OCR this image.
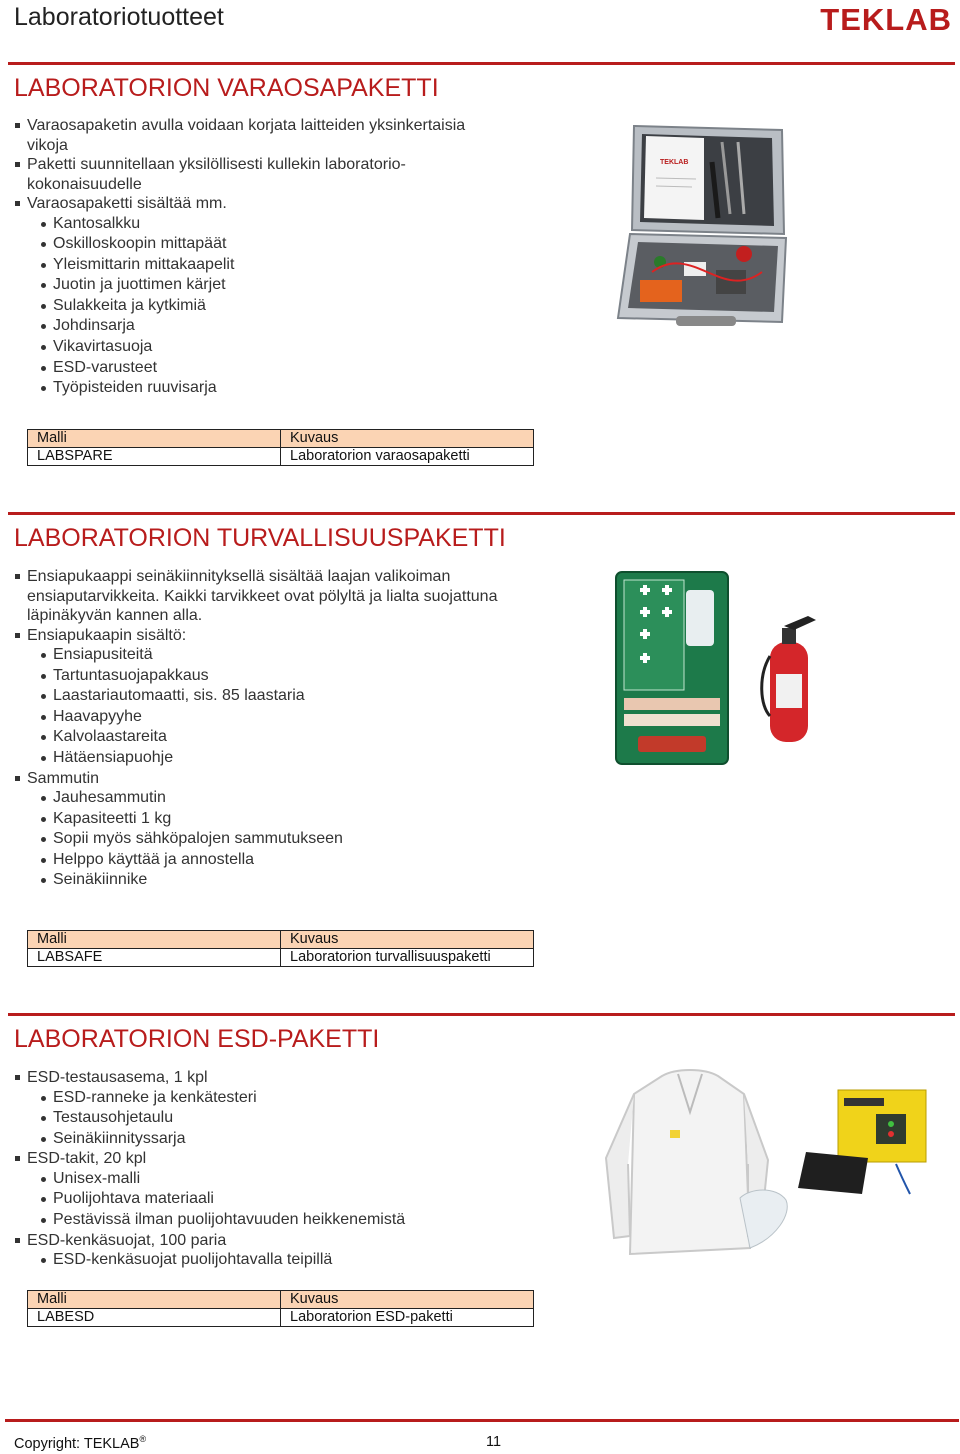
Laboratoriotuotteet	TEKLAB
LABORATORION VARAOSAPAKETTI
Varaosapaketin avulla voidaan korjata laitteiden yksinkertaisia vikoja
Paketti suunnitellaan yksilöllisesti kullekin laboratorio-kokonaisuudelle
Varaosapaketti sisältää mm.
Kantosalkku
Oskilloskoopin mittapäät
Yleismittarin mittakaapelit
Juotin ja juottimen kärjet
Sulakkeita ja kytkimiä
Johdinsarja
Vikavirtasuoja
ESD-varusteet
Työpisteiden ruuvisarja
TEKLAB
Malli	Kuvaus
LABSPARE	Laboratorion varaosapaketti
LABORATORION TURVALLISUUSPAKETTI
Ensiapukaappi seinäkiinnityksellä sisältää laajan valikoiman ensiaputarvikkeita. Kaikki tarvikkeet ovat pölyltä ja lialta suojattuna läpinäkyvän kannen alla.
Ensiapukaapin sisältö:
Ensiapusiteitä
Tartuntasuojapakkaus
Laastariautomaatti, sis. 85 laastaria
Haavapyyhe
Kalvolaastareita
Hätäensiapuohje
Sammutin
Jauhesammutin
Kapasiteetti 1 kg
Sopii myös sähköpalojen sammutukseen
Helppo käyttää ja annostella
Seinäkiinnike
Malli	Kuvaus
LABSAFE	Laboratorion turvallisuuspaketti
LABORATORION ESD-PAKETTI
ESD-testausasema, 1 kpl
ESD-ranneke ja kenkätesteri
Testausohjetaulu
Seinäkiinnityssarja
ESD-takit, 20 kpl
Unisex-malli
Puolijohtava materiaali
Pestävissä ilman puolijohtavuuden heikkenemistä
ESD-kenkäsuojat, 100 paria
ESD-kenkäsuojat puolijohtavalla teipillä
Malli	Kuvaus
LABESD	Laboratorion ESD-paketti
Copyright: TEKLAB®	11
